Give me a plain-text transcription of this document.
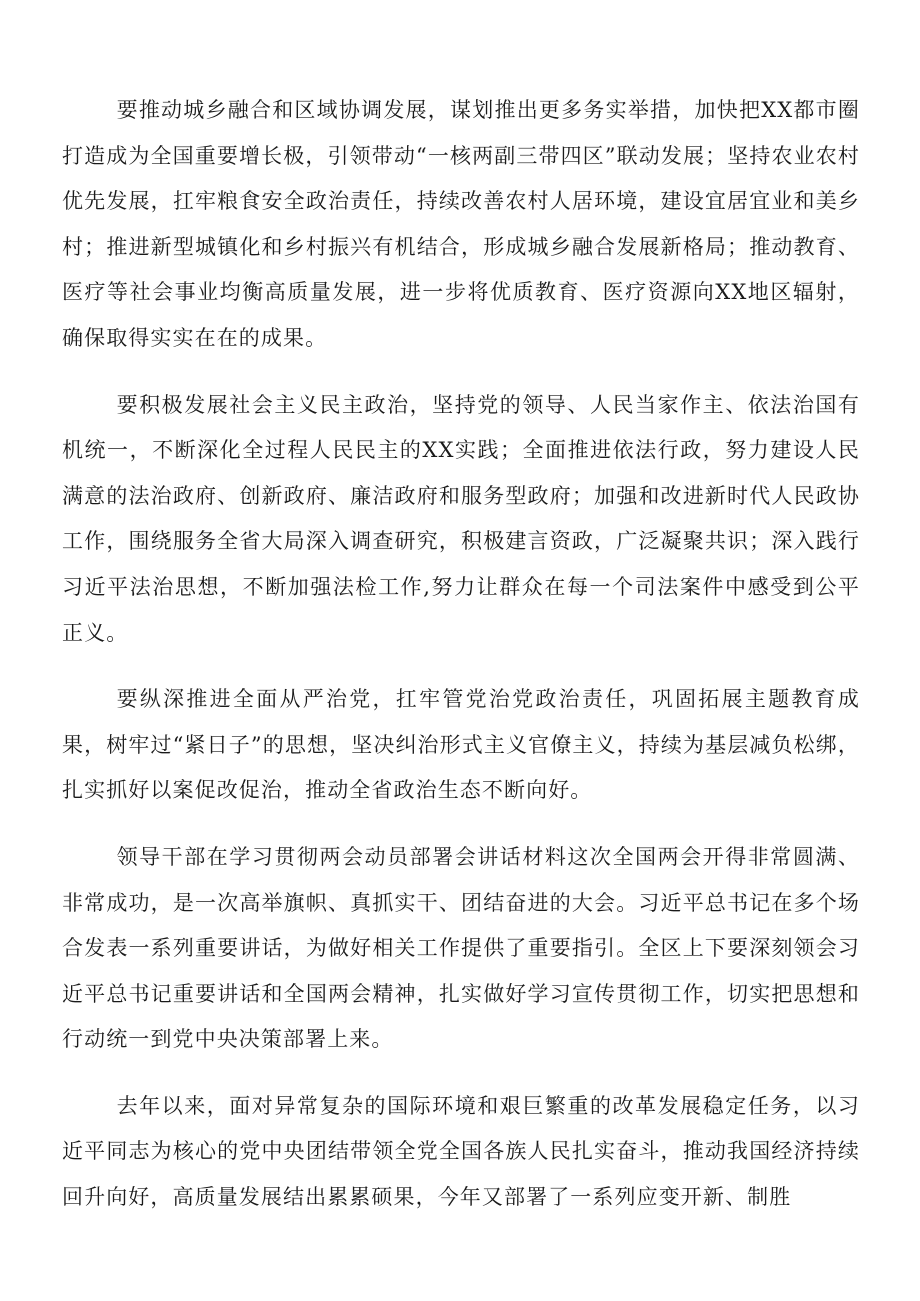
要推动城乡融合和区域协调发展，谋划推出更多务实举措，加快把XX都市圈打造成为全国重要增长极，引领带动“一核两副三带四区”联动发展；坚持农业农村优先发展，扛牢粮食安全政治责任，持续改善农村人居环境，建设宜居宜业和美乡村；推进新型城镇化和乡村振兴有机结合，形成城乡融合发展新格局；推动教育、医疗等社会事业均衡高质量发展，进一步将优质教育、医疗资源向XX地区辐射，确保取得实实在在的成果。

要积极发展社会主义民主政治，坚持党的领导、人民当家作主、依法治国有机统一，不断深化全过程人民民主的XX实践；全面推进依法行政，努力建设人民满意的法治政府、创新政府、廉洁政府和服务型政府；加强和改进新时代人民政协工作，围绕服务全省大局深入调查研究，积极建言资政，广泛凝聚共识；深入践行习近平法治思想，不断加强法检工作,努力让群众在每一个司法案件中感受到公平正义。

要纵深推进全面从严治党，扛牢管党治党政治责任，巩固拓展主题教育成果，树牢过“紧日子”的思想，坚决纠治形式主义官僚主义，持续为基层减负松绑，扎实抓好以案促改促治，推动全省政治生态不断向好。

领导干部在学习贯彻两会动员部署会讲话材料这次全国两会开得非常圆满、非常成功，是一次高举旗帜、真抓实干、团结奋进的大会。习近平总书记在多个场合发表一系列重要讲话，为做好相关工作提供了重要指引。全区上下要深刻领会习近平总书记重要讲话和全国两会精神，扎实做好学习宣传贯彻工作，切实把思想和行动统一到党中央决策部署上来。

去年以来，面对异常复杂的国际环境和艰巨繁重的改革发展稳定任务，以习近平同志为核心的党中央团结带领全党全国各族人民扎实奋斗，推动我国经济持续回升向好，高质量发展结出累累硕果，今年又部署了一系列应变开新、制胜
